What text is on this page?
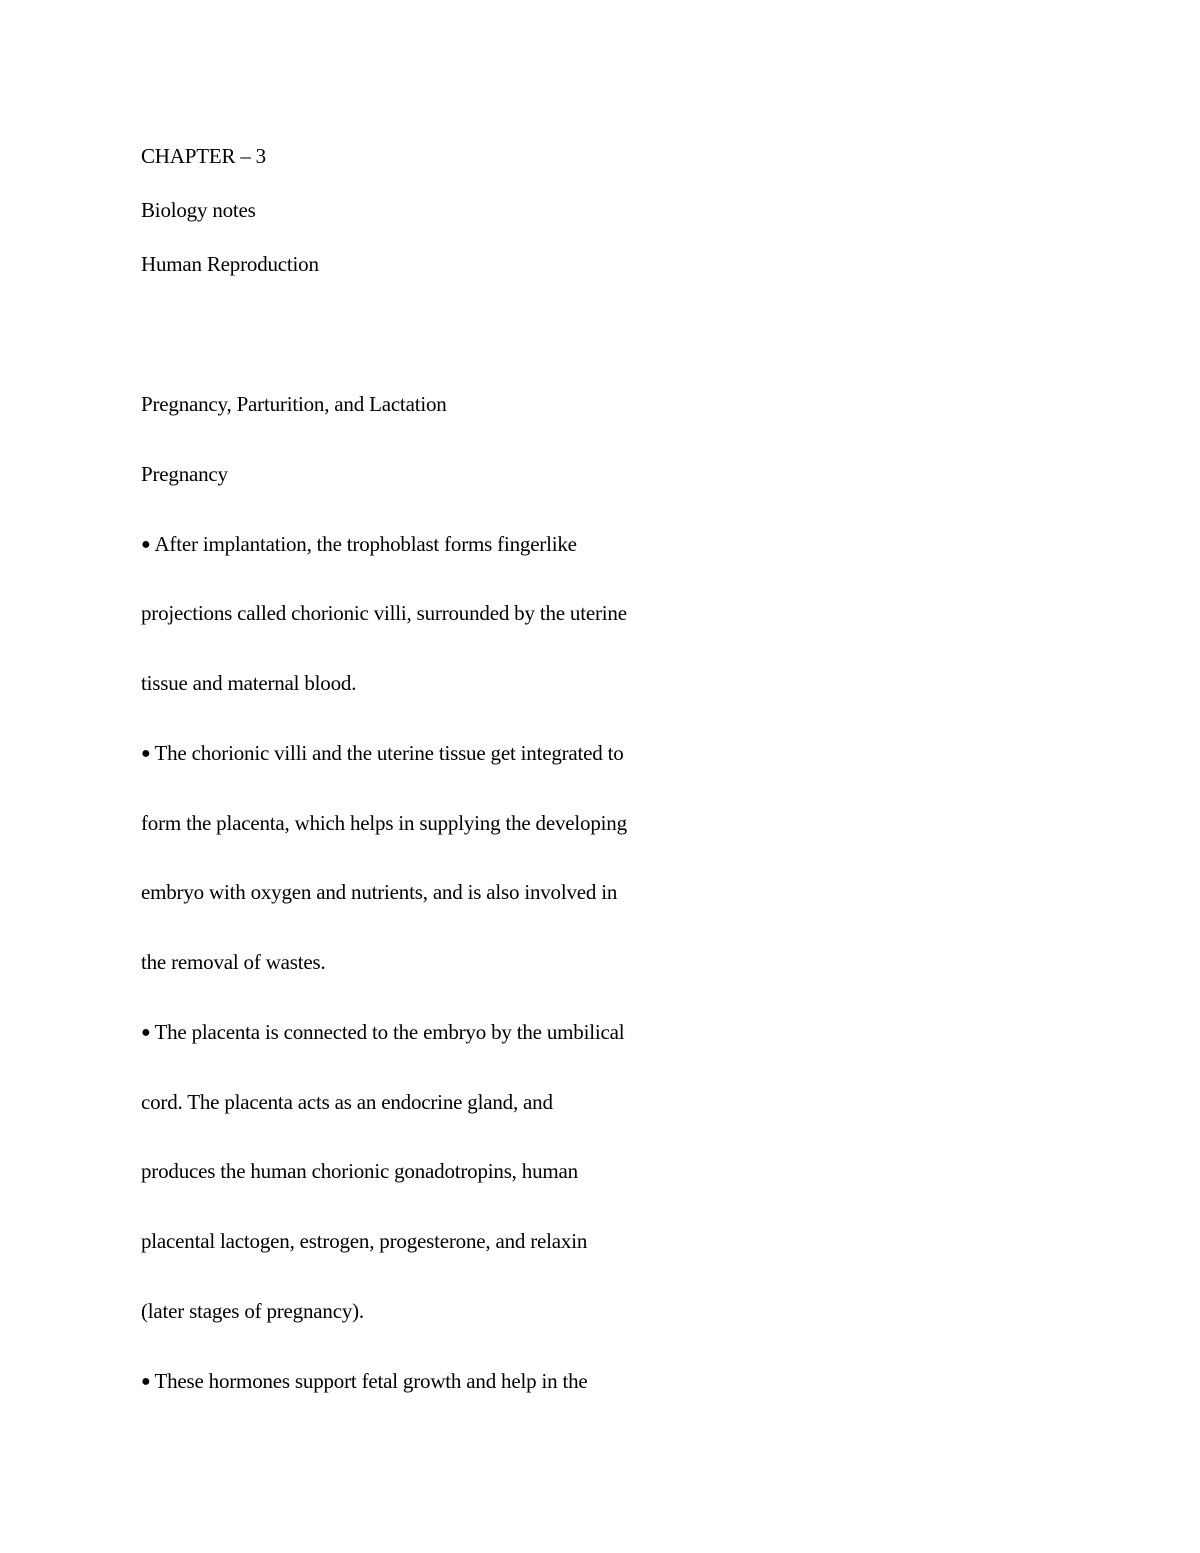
CHAPTER – 3
Biology notes
Human Reproduction
Pregnancy, Parturition, and Lactation
Pregnancy
● After implantation, the trophoblast forms fingerlike
projections called chorionic villi, surrounded by the uterine
tissue and maternal blood.
● The chorionic villi and the uterine tissue get integrated to
form the placenta, which helps in supplying the developing
embryo with oxygen and nutrients, and is also involved in
the removal of wastes.
● The placenta is connected to the embryo by the umbilical
cord. The placenta acts as an endocrine gland, and
produces the human chorionic gonadotropins, human
placental lactogen, estrogen, progesterone, and relaxin
(later stages of pregnancy).
● These hormones support fetal growth and help in the
